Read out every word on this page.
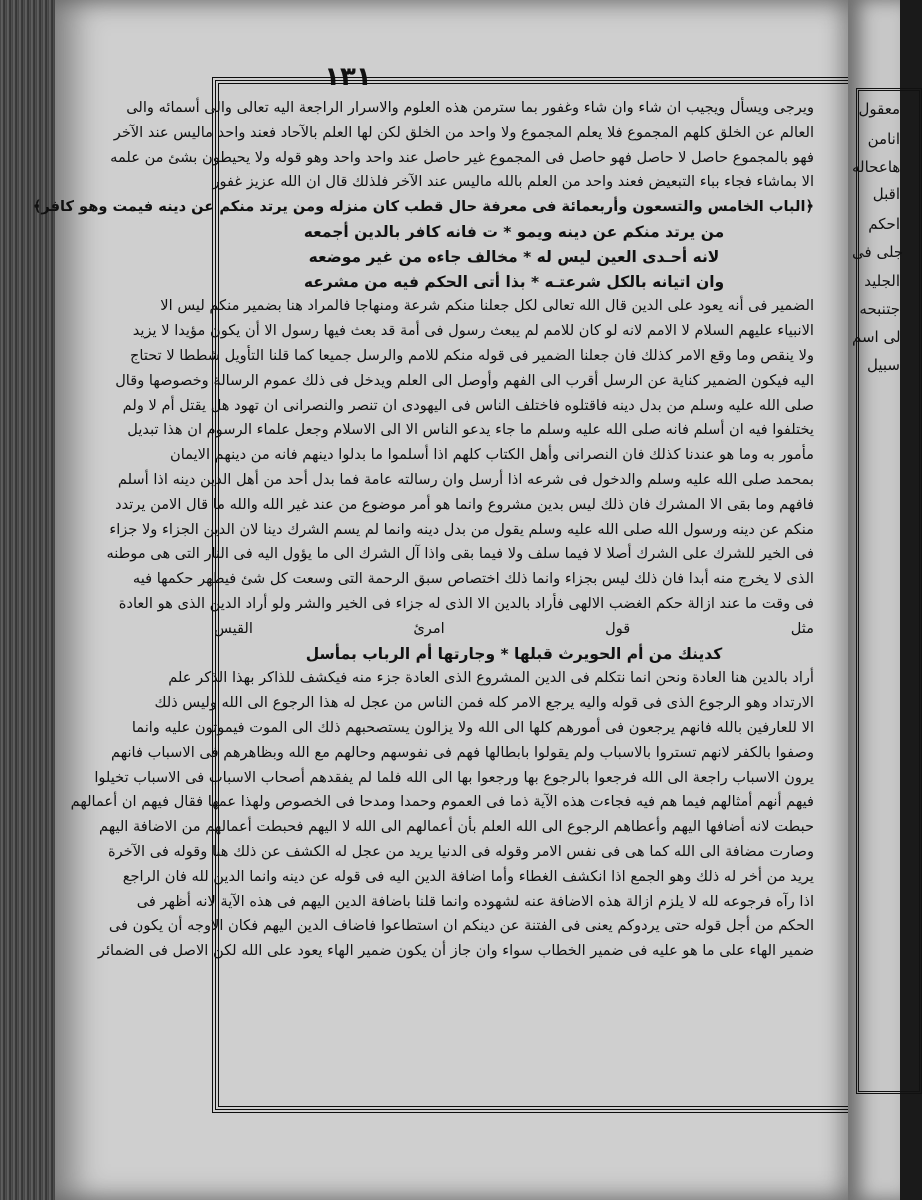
١٣١
ويرجى ويسأل ويجيب ان شاء وان شاء وغفور بما سترمن هذه العلوم والاسرار الراجعة اليه تعالى والى أسمائه والى
العالم عن الخلق كلهم المجموع فلا يعلم المجموع ولا واحد من الخلق لكن لها العلم بالآحاد فعند واحد ماليس عند الآخر
فهو بالمجموع حاصل لا حاصل فهو حاصل فى المجموع غير حاصل عند واحد واحد وهو قوله ولا يحيطون بشئ من علمه
الا بماشاء فجاء بباء التبعيض فعند واحد من العلم بالله ماليس عند الآخر فلذلك قال ان الله عزيز غفور
﴿الباب الخامس والتسعون وأربعمائة فى معرفة حال قطب كان منزله ومن يرتد منكم عن دينه فيمت وهو كافر﴾
من يرتد منكم عن دينه ويمو * ت فانه كافر بالدين أجمعه
لانه أحـدى العين ليس له * مخالف جاءه من غير موضعه
وان اتيانه بالكل شرعتـه * بذا أتى الحكم فيه من مشرعه
الضمير فى أنه يعود على الدين قال الله تعالى لكل جعلنا منكم شرعة ومنهاجا فالمراد هنا بضمير منكم ليس الا
الانبياء عليهم السلام لا الامم لانه لو كان للامم لم يبعث رسول فى أمة قد بعث فيها رسول الا أن يكون مؤيدا لا يزيد
ولا ينقص وما وقع الامر كذلك فان جعلنا الضمير فى قوله منكم للامم والرسل جميعا كما قلنا التأويل شططا لا تحتاج
اليه فيكون الضمير كناية عن الرسل أقرب الى الفهم وأوصل الى العلم ويدخل فى ذلك عموم الرسالة وخصوصها وقال
صلى الله عليه وسلم من بدل دينه فاقتلوه فاختلف الناس فى اليهودى ان تنصر والنصرانى ان تهود هل يقتل أم لا ولم
يختلفوا فيه ان أسلم فانه صلى الله عليه وسلم ما جاء يدعو الناس الا الى الاسلام وجعل علماء الرسوم ان هذا تبديل
مأمور به وما هو عندنا كذلك فان النصرانى وأهل الكتاب كلهم اذا أسلموا ما بدلوا دينهم فانه من دينهم الايمان
بمحمد صلى الله عليه وسلم والدخول فى شرعه اذا أرسل وان رسالته عامة فما بدل أحد من أهل الدين دينه اذا أسلم
فافهم وما بقى الا المشرك فان ذلك ليس بدين مشروع وانما هو أمر موضوع من عند غير الله والله ما قال الامن يرتدد
منكم عن دينه ورسول الله صلى الله عليه وسلم يقول من بدل دينه وانما لم يسم الشرك دينا لان الدين الجزاء ولا جزاء
فى الخير للشرك على الشرك أصلا لا فيما سلف ولا فيما بقى واذا آل الشرك الى ما يؤول اليه فى النار التى هى موطنه
الذى لا يخرج منه أبدا فان ذلك ليس بجزاء وانما ذلك اختصاص سبق الرحمة التى وسعت كل شئ فيظهر حكمها فيه
فى وقت ما عند ازالة حكم الغضب الالهى فأراد بالدين الا الذى له جزاء فى الخير والشر ولو أراد الدين الذى هو العادة
مثل قول امرئ القيس
كدينك من أم الحويرث قبلها * وجارتها أم الرباب بمأسل
أراد بالدين هنا العادة ونحن انما نتكلم فى الدين المشروع الذى العادة جزء منه فيكشف للذاكر بهذا الذكر علم
الارتداد وهو الرجوع الذى فى قوله واليه يرجع الامر كله فمن الناس من عجل له هذا الرجوع الى الله وليس ذلك
الا للعارفين بالله فانهم يرجعون فى أمورهم كلها الى الله ولا يزالون يستصحبهم ذلك الى الموت فيموتون عليه وانما
وصفوا بالكفر لانهم تستروا بالاسباب ولم يقولوا بابطالها فهم فى نفوسهم وحالهم مع الله وبظاهرهم فى الاسباب فانهم
يرون الاسباب راجعة الى الله فرجعوا بالرجوع بها ورجعوا بها الى الله فلما لم يفقدهم أصحاب الاسباب فى الاسباب تخيلوا
فيهم أنهم أمثالهم فيما هم فيه فجاءت هذه الآية ذما فى العموم وحمدا ومدحا فى الخصوص ولهذا عمها فقال فيهم ان أعمالهم
حبطت لانه أضافها اليهم وأعطاهم الرجوع الى الله العلم بأن أعمالهم الى الله لا اليهم فحبطت أعمالهم من الاضافة اليهم
وصارت مضافة الى الله كما هى فى نفس الامر وقوله فى الدنيا يريد من عجل له الكشف عن ذلك هنا وقوله فى الآخرة
يريد من أخر له ذلك وهو الجمع اذا انكشف الغطاء وأما اضافة الدين اليه فى قوله عن دينه وانما الدين لله فان الراجع
اذا رآه فرجوعه لله لا يلزم ازالة هذه الاضافة عنه لشهوده وانما قلنا باضافة الدين اليهم فى هذه الآية لانه أظهر فى
الحكم من أجل قوله حتى يردوكم يعنى فى الفتنة عن دينكم ان استطاعوا فاضاف الدين اليهم فكان الاوجه أن يكون فى
ضمير الهاء على ما هو عليه فى ضمير الخطاب سواء وان جاز أن يكون ضمير الهاء يعود على الله لكن الاصل فى الضمائر
معقول
انامن
هاعحاله
اقبل
احكم
جلى فى
الجليد
جتنبحه
لى اسم
سبيل
